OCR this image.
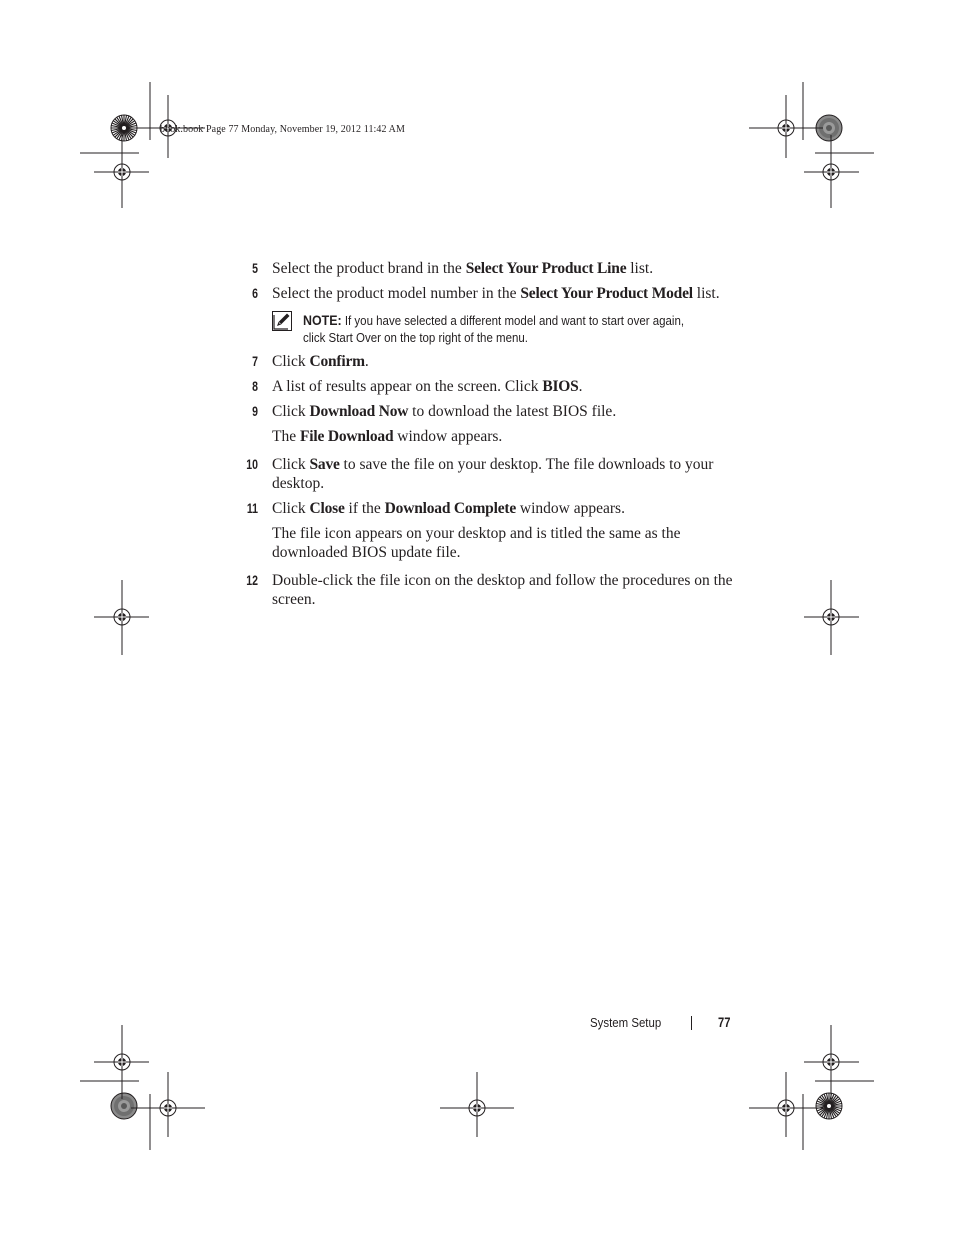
book.book Page 77 Monday, November 19, 2012 11:42 AM
5 Select the product brand in the Select Your Product Line list.
6 Select the product model number in the Select Your Product Model list.
NOTE: If you have selected a different model and want to start over again, click Start Over on the top right of the menu.
7 Click Confirm.
8 A list of results appear on the screen. Click BIOS.
9 Click Download Now to download the latest BIOS file.
The File Download window appears.
10 Click Save to save the file on your desktop. The file downloads to your desktop.
11 Click Close if the Download Complete window appears.
The file icon appears on your desktop and is titled the same as the downloaded BIOS update file.
12 Double-click the file icon on the desktop and follow the procedures on the screen.
System Setup	77
